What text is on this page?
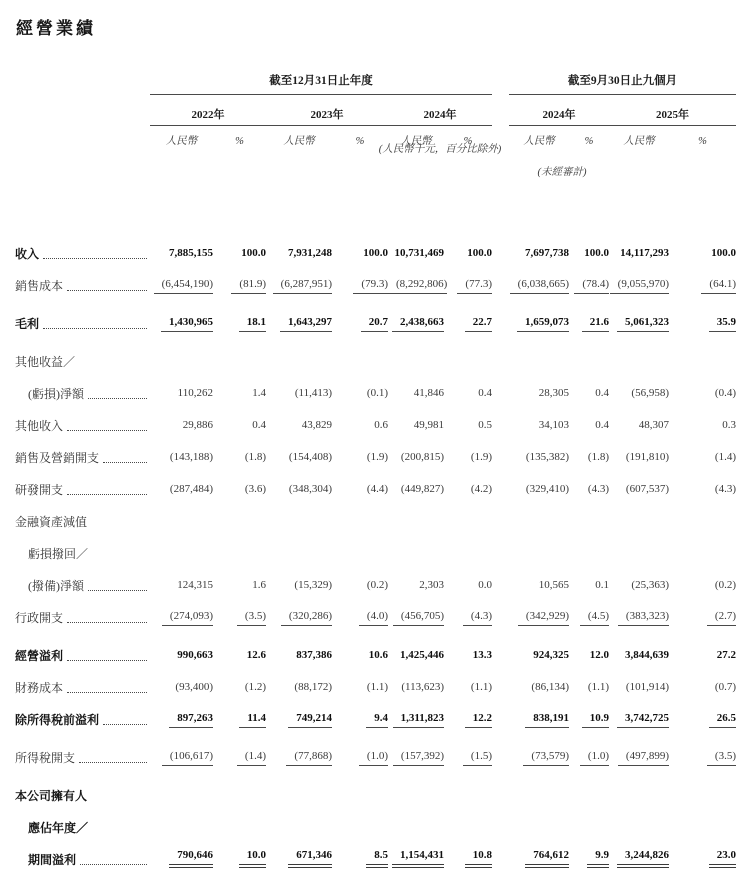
經營業績
	截至12月31日止年度							截至9月30日止九個月			
	2022年		2023年		2024年			2024年		2025年	

	人民幣	%	人民幣	%	人民幣	%		人民幣	%	人民幣	%

收入	7,885,155	100.0	7,931,248	100.0	10,731,469	100.0		7,697,738	100.0	14,117,293	100.0

銷售成本	(6,454,190)	(81.9)	(6,287,951)	(79.3)	(8,292,806)	(77.3)		(6,038,665)	(78.4)	(9,055,970)	(64.1)

毛利	1,430,965	18.1	1,643,297	20.7	2,438,663	22.7		1,659,073	21.6	5,061,323	35.9

其他收益／											

(虧損)淨額	110,262	1.4	(11,413)	(0.1)	41,846	0.4		28,305	0.4	(56,958)	(0.4)

其他收入	29,886	0.4	43,829	0.6	49,981	0.5		34,103	0.4	48,307	0.3

銷售及營銷開支	(143,188)	(1.8)	(154,408)	(1.9)	(200,815)	(1.9)		(135,382)	(1.8)	(191,810)	(1.4)

研發開支	(287,484)	(3.6)	(348,304)	(4.4)	(449,827)	(4.2)		(329,410)	(4.3)	(607,537)	(4.3)

金融資產減值											

虧損撥回／											

(撥備)淨額	124,315	1.6	(15,329)	(0.2)	2,303	0.0		10,565	0.1	(25,363)	(0.2)

行政開支	(274,093)	(3.5)	(320,286)	(4.0)	(456,705)	(4.3)		(342,929)	(4.5)	(383,323)	(2.7)

經營溢利	990,663	12.6	837,386	10.6	1,425,446	13.3		924,325	12.0	3,844,639	27.2

財務成本	(93,400)	(1.2)	(88,172)	(1.1)	(113,623)	(1.1)		(86,134)	(1.1)	(101,914)	(0.7)

除所得稅前溢利	897,263	11.4	749,214	9.4	1,311,823	12.2		838,191	10.9	3,742,725	26.5

所得稅開支	(106,617)	(1.4)	(77,868)	(1.0)	(157,392)	(1.5)		(73,579)	(1.0)	(497,899)	(3.5)

本公司擁有人											

應佔年度／											

期間溢利	790,646	10.0	671,346	8.5	1,154,431	10.8		764,612	9.9	3,244,826	23.0
(人民幣千元，百分比除外)
(未經審計)
